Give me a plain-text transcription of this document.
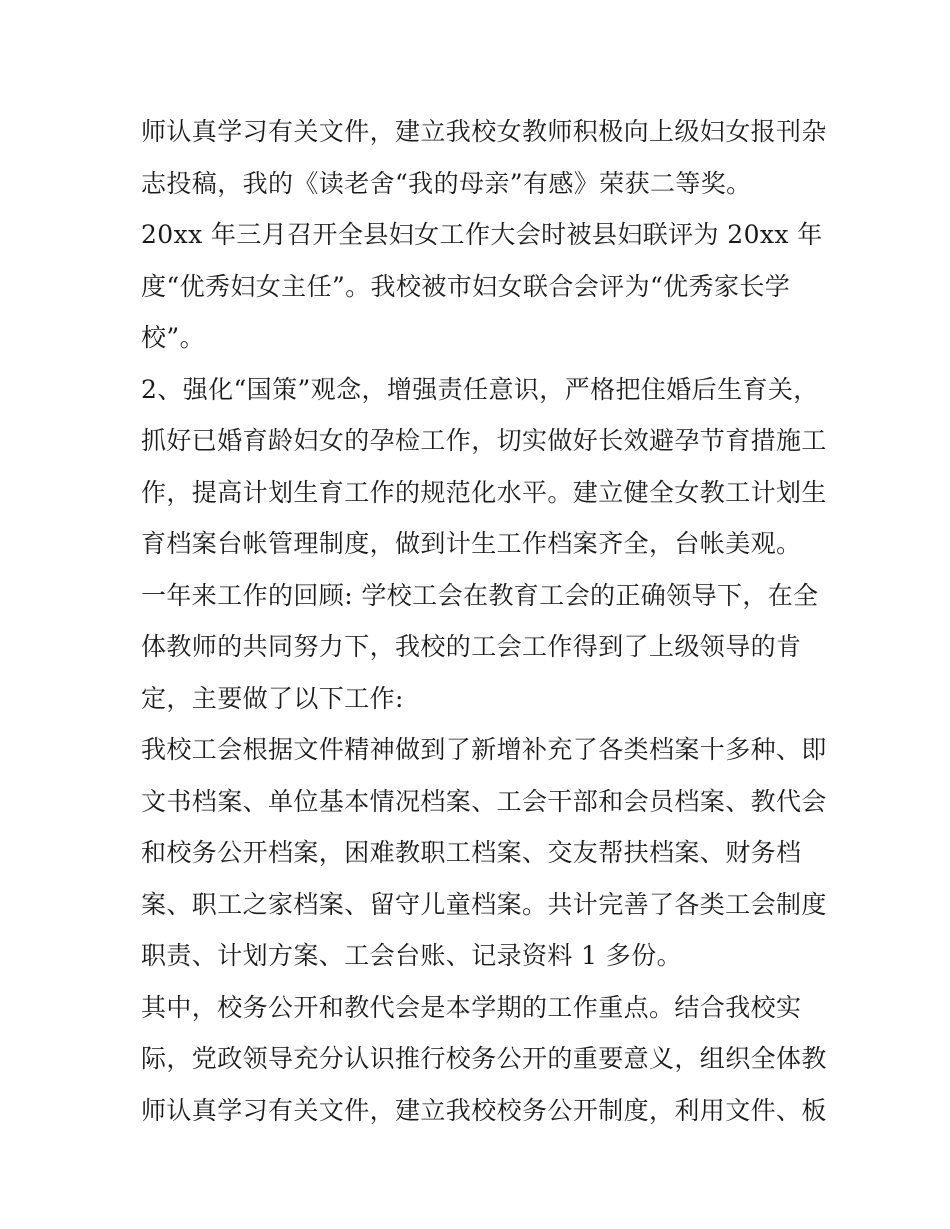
师认真学习有关文件，建立我校女教师积极向上级妇女报刊杂
志投稿，我的《读老舍“我的母亲”有感》荣获二等奖。
20xx 年三月召开全县妇女工作大会时被县妇联评为 20xx 年
度“优秀妇女主任”。我校被市妇女联合会评为“优秀家长学
校”。
2、强化“国策”观念，增强责任意识，严格把住婚后生育关，
抓好已婚育龄妇女的孕检工作，切实做好长效避孕节育措施工
作，提高计划生育工作的规范化水平。建立健全女教工计划生
育档案台帐管理制度，做到计生工作档案齐全，台帐美观。
一年来工作的回顾: 学校工会在教育工会的正确领导下，在全
体教师的共同努力下，我校的工会工作得到了上级领导的肯
定，主要做了以下工作:
我校工会根据文件精神做到了新增补充了各类档案十多种、即
文书档案、单位基本情况档案、工会干部和会员档案、教代会
和校务公开档案，困难教职工档案、交友帮扶档案、财务档
案、职工之家档案、留守儿童档案。共计完善了各类工会制度
职责、计划方案、工会台账、记录资料 1 多份。
其中，校务公开和教代会是本学期的工作重点。结合我校实
际，党政领导充分认识推行校务公开的重要意义，组织全体教
师认真学习有关文件，建立我校校务公开制度，利用文件、板
